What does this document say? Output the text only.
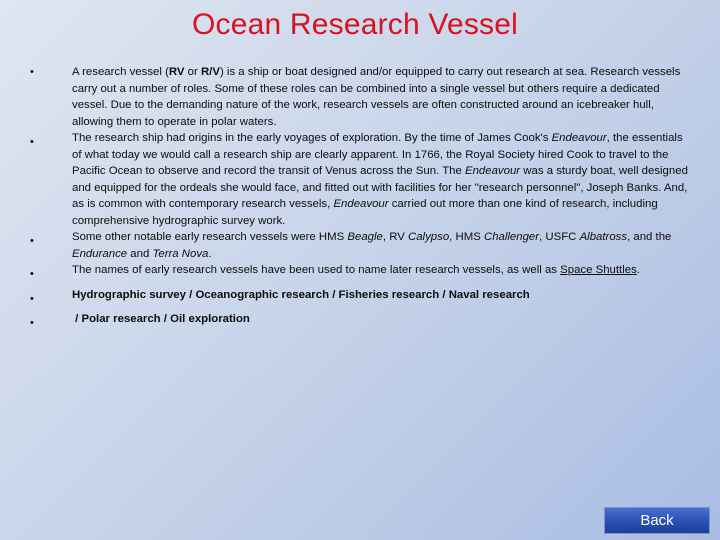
Ocean Research Vessel
•	A research vessel (RV or R/V) is a ship or boat designed and/or equipped to carry out research at sea. Research vessels carry out a number of roles. Some of these roles can be combined into a single vessel but others require a dedicated vessel. Due to the demanding nature of the work, research vessels are often constructed around an icebreaker hull, allowing them to operate in polar waters.
•	The research ship had origins in the early voyages of exploration. By the time of James Cook's Endeavour, the essentials of what today we would call a research ship are clearly apparent. In 1766, the Royal Society hired Cook to travel to the Pacific Ocean to observe and record the transit of Venus across the Sun. The Endeavour was a sturdy boat, well designed and equipped for the ordeals she would face, and fitted out with facilities for her "research personnel", Joseph Banks. And, as is common with contemporary research vessels, Endeavour carried out more than one kind of research, including comprehensive hydrographic survey work.
•	Some other notable early research vessels were HMS Beagle, RV Calypso, HMS Challenger, USFC Albatross, and the Endurance and Terra Nova.
•	The names of early research vessels have been used to name later research vessels, as well as Space Shuttles.
•	Hydrographic survey / Oceanographic research / Fisheries research / Naval research
•	/ Polar research / Oil exploration
Back
